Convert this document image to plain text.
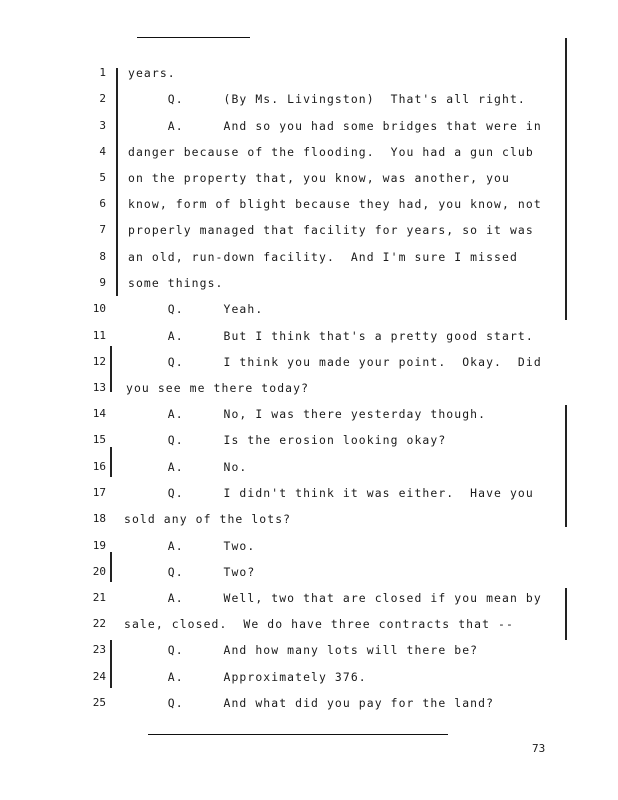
1 years.
2 Q.     (By Ms. Livingston)  That's all right.
3 A.     And so you had some bridges that were in
4 danger because of the flooding.  You had a gun club
5 on the property that, you know, was another, you
6 know, form of blight because they had, you know, not
7 properly managed that facility for years, so it was
8 an old, run-down facility.  And I'm sure I missed
9 some things.
10 Q.     Yeah.
11 A.     But I think that's a pretty good start.
12 Q.     I think you made your point.  Okay.  Did
13 you see me there today?
14 A.     No, I was there yesterday though.
15 Q.     Is the erosion looking okay?
16 A.     No.
17 Q.     I didn't think it was either.  Have you
18 sold any of the lots?
19 A.     Two.
20 Q.     Two?
21 A.     Well, two that are closed if you mean by
22 sale, closed.  We do have three contracts that --
23 Q.     And how many lots will there be?
24 A.     Approximately 376.
25 Q.     And what did you pay for the land?
73
